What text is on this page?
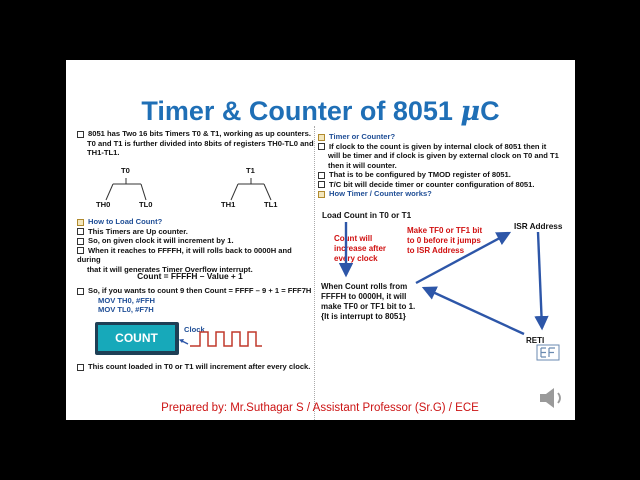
Timer & Counter of 8051 μC
8051 has Two 16 bits Timers T0 & T1, working as up counters.
T0 and T1 is further divided into 8bits of registers TH0-TL0 and
TH1-TL1.
T0
TH0	TL0
T1
TH1	TL1
How to Load Count?
This Timers are Up counter.
So, on given clock it will increment by 1.
When it reaches to FFFFH, it will rolls back to 0000H and during
that it will generates Timer Overflow interrupt.
Count = FFFFH – Value + 1
So, if you wants to count 9 then Count = FFFF – 9 + 1 = FFF7H
MOV TH0, #FFH
MOV TL0, #F7H
COUNT
Clock
This count loaded in T0 or T1 will increment after every clock.
Timer or Counter?
If clock to the count is given by internal clock of 8051 then it
will be timer and if clock is given by external clock on T0 and T1
then it will counter.
That is to be configured by TMOD register of 8051.
T/C bit will decide timer or counter configuration of 8051.
How Timer / Counter works?
Load Count in T0 or T1
Count will
increase after
every clock
Make TF0 or TF1 bit
to 0 before it jumps
to ISR Address
ISR Address
When Count rolls from
FFFFH to 0000H, it will
make TF0 or TF1 bit to 1.
{It is interrupt to 8051}
RETI
Prepared by: Mr.Suthagar S / Assistant Professor (Sr.G) / ECE
